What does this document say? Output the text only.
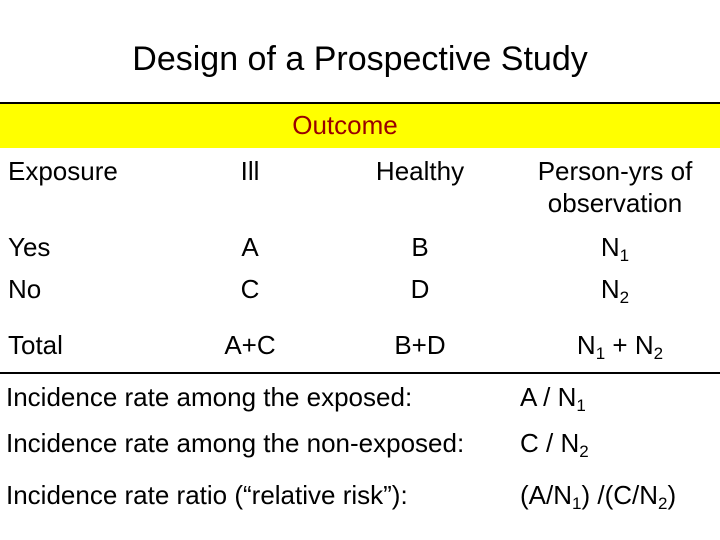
Design of a Prospective Study
Outcome
Exposure	Ill	Healthy	Person-yrs of
observation
Yes	A	B	$N_1$
No	C	D	$N_2$
Total	A+C	B+D	$N_1 + N_2$
Incidence rate among the exposed:	A / $N_1$
Incidence rate among the non-exposed: C / $N_2$
Incidence rate ratio (“relative risk”):	$(A/N_1)$ $/(C/N_2)$
